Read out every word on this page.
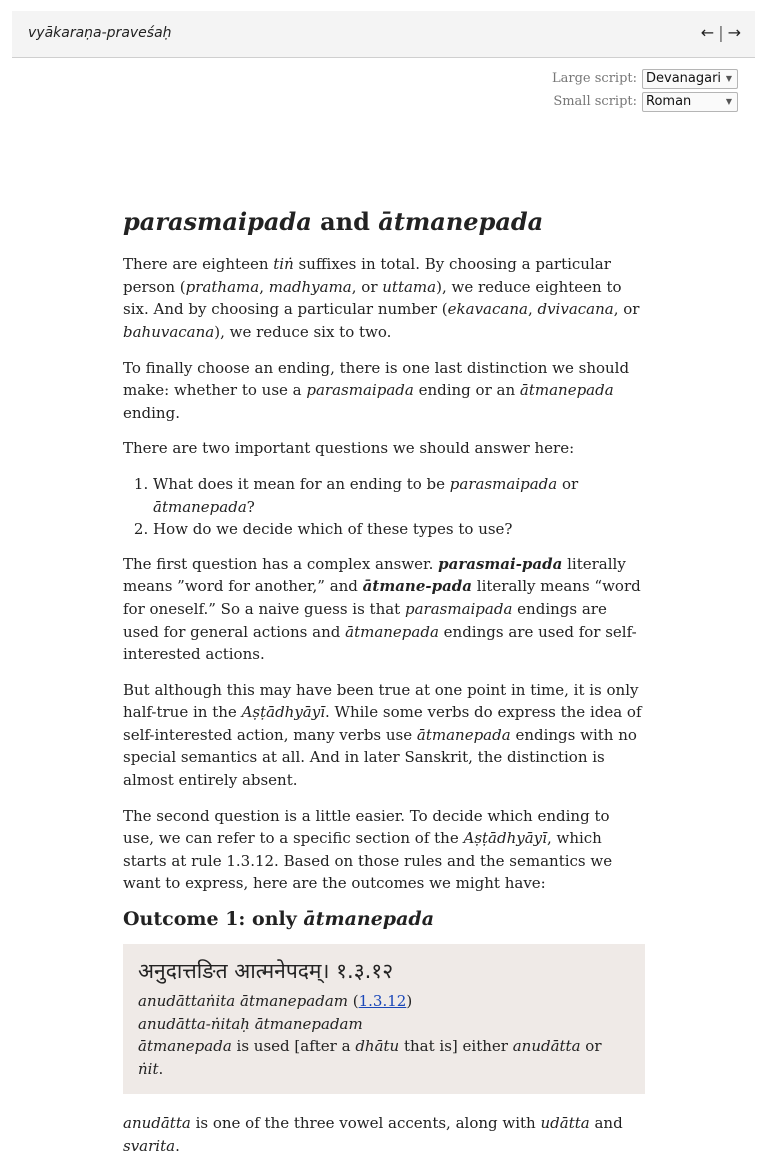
vyākaraṇa-praveśaḥ	← | →
Large script: Devanagari ▼
Small script: Roman	▼
parasmaipada and ātmanepada

There are eighteen tiṅ suffixes in total. By choosing a particular person (prathama, madhyama, or uttama), we reduce eighteen to six. And by choosing a particular number (ekavacana, dvivacana, or bahuvacana), we reduce six to two.

To finally choose an ending, there is one last distinction we should make: whether to use a parasmaipada ending or an ātmanepada ending.

There are two important questions we should answer here:

1. What does it mean for an ending to be parasmaipada or ātmanepada?
2. How do we decide which of these types to use?

The first question has a complex answer. parasmai-pada literally means ”word for another,” and ātmane-pada literally means “word for oneself.” So a naive guess is that parasmaipada endings are used for general actions and ātmanepada endings are used for self-interested actions.

But although this may have been true at one point in time, it is only half-true in the Aṣṭādhyāyī. While some verbs do express the idea of self-interested action, many verbs use ātmanepada endings with no special semantics at all. And in later Sanskrit, the distinction is almost entirely absent.

The second question is a little easier. To decide which ending to use, we can refer to a specific section of the Aṣṭādhyāyī, which starts at rule 1.3.12. Based on those rules and the semantics we want to express, here are the outcomes we might have:

Outcome 1: only ātmanepada
अनुदात्तङित आत्मनेपदम्। १.३.१२
anudāttaṅita ātmanepadam (1.3.12)
anudātta-ṅitaḥ ātmanepadam
ātmanepada is used [after a dhātu that is] either anudātta or ṅit.

anudātta is one of the three vowel accents, along with udātta and svarita.
